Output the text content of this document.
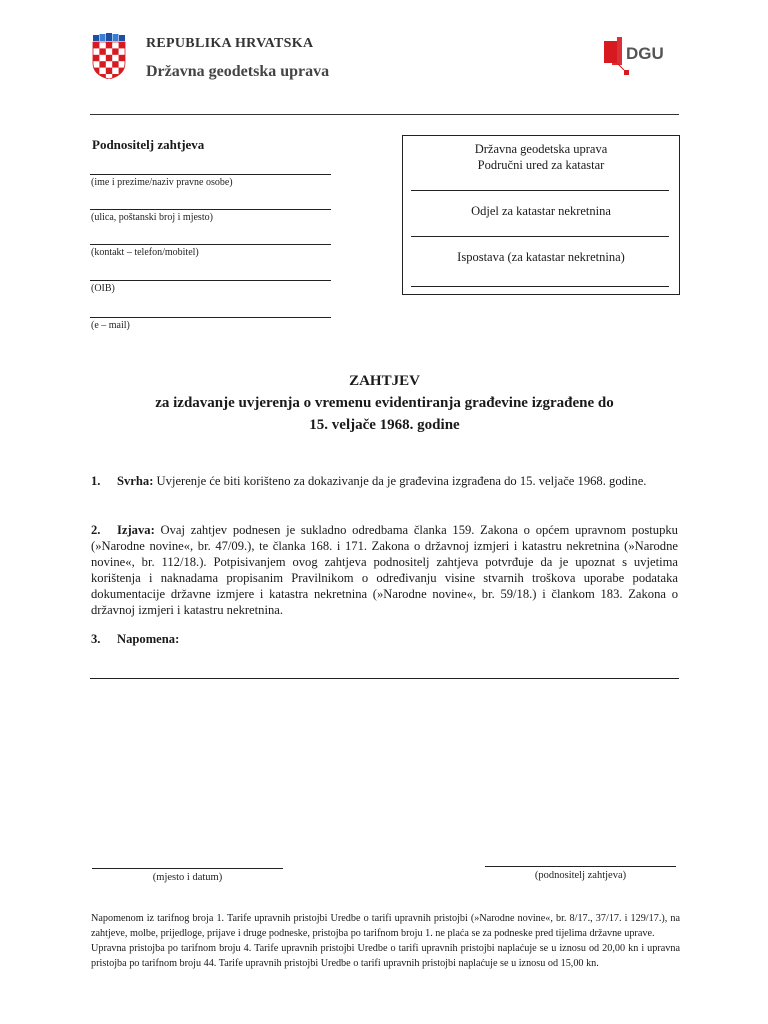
REPUBLIKA HRVATSKA
Državna geodetska uprava
DGU
Podnositelj zahtjeva
(ime i prezime/naziv pravne osobe)
(ulica, poštanski broj i mjesto)
(kontakt – telefon/mobitel)
(OIB)
(e – mail)
Državna geodetska uprava
Područni ured za katastar
Odjel za katastar nekretnina
Ispostava (za katastar nekretnina)
ZAHTJEV
za izdavanje uvjerenja o vremenu evidentiranja građevine izgrađene do
15. veljače 1968. godine
1. Svrha: Uvjerenje će biti korišteno za dokazivanje da je građevina izgrađena do 15. veljače 1968. godine.
2.	Izjava: Ovaj zahtjev podnesen je sukladno odredbama članka 159. Zakona o općem upravnom postupku (»Narodne novine«, br. 47/09.), te članka 168. i 171. Zakona o državnoj izmjeri i katastru nekretnina (»Narodne novine«, br. 112/18.). Potpisivanjem ovog zahtjeva podnositelj zahtjeva potvrđuje da je upoznat s uvjetima korištenja i naknadama propisanim Pravilnikom o određivanju visine stvarnih troškova uporabe podataka dokumentacije državne izmjere i katastra nekretnina (»Narodne novine«, br. 59/18.) i člankom 183. Zakona o državnoj izmjeri i katastru nekretnina.
3. Napomena:
(mjesto i datum)	(podnositelj zahtjeva)

Napomenom iz tarifnog broja 1. Tarife upravnih pristojbi Uredbe o tarifi upravnih pristojbi (»Narodne novine«, br. 8/17., 37/17. i 129/17.), na zahtjeve, molbe, prijedloge, prijave i druge podneske, pristojba po tarifnom broju 1. ne plaća se za podneske pred tijelima državne uprave.

Upravna pristojba po tarifnom broju 4. Tarife upravnih pristojbi Uredbe o tarifi upravnih pristojbi naplaćuje se u iznosu od 20,00 kn i upravna pristojba po tarifnom broju 44. Tarife upravnih pristojbi Uredbe o tarifi upravnih pristojbi naplaćuje se u iznosu od 15,00 kn.
